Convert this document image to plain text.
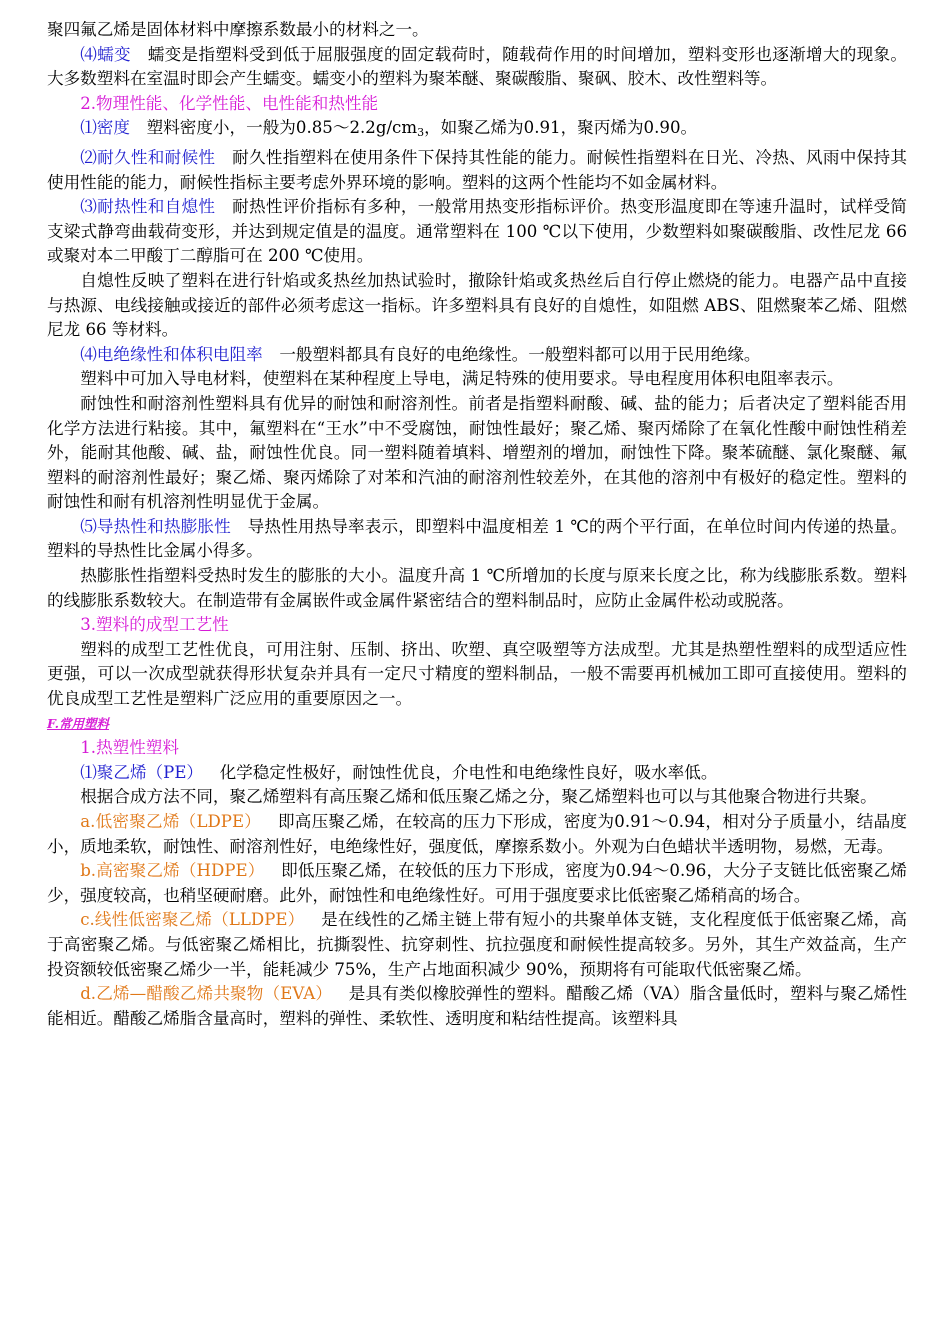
聚四氟乙烯是固体材料中摩擦系数最小的材料之一。

⑷蠕变 蠕变是指塑料受到低于屈服强度的固定载荷时，随载荷作用的时间增加，塑料变形也逐渐增大的现象。大多数塑料在室温时即会产生蠕变。蠕变小的塑料为聚苯醚、聚碳酸脂、聚砜、胶木、改性塑料等。

2.物理性能、化学性能、电性能和热性能

⑴密度 塑料密度小，一般为0.85～2.2g/cm3，如聚乙烯为0.91，聚丙烯为0.90。

⑵耐久性和耐候性 耐久性指塑料在使用条件下保持其性能的能力。耐候性指塑料在日光、冷热、风雨中保持其使用性能的能力，耐候性指标主要考虑外界环境的影响。塑料的这两个性能均不如金属材料。

⑶耐热性和自熄性 耐热性评价指标有多种，一般常用热变形指标评价。热变形温度即在等速升温时，试样受简支梁式静弯曲载荷变形，并达到规定值是的温度。通常塑料在 100 ℃以下使用，少数塑料如聚碳酸脂、改性尼龙 66 或聚对本二甲酸丁二醇脂可在 200 ℃使用。

自熄性反映了塑料在进行针焰或炙热丝加热试验时，撤除针焰或炙热丝后自行停止燃烧的能力。电器产品中直接与热源、电线接触或接近的部件必须考虑这一指标。许多塑料具有良好的自熄性，如阻燃 ABS、阻燃聚苯乙烯、阻燃尼龙 66 等材料。

⑷电绝缘性和体积电阻率 一般塑料都具有良好的电绝缘性。一般塑料都可以用于民用绝缘。

塑料中可加入导电材料，使塑料在某种程度上导电，满足特殊的使用要求。导电程度用体积电阻率表示。

耐蚀性和耐溶剂性塑料具有优异的耐蚀和耐溶剂性。前者是指塑料耐酸、碱、盐的能力；后者决定了塑料能否用化学方法进行粘接。其中，氟塑料在“王水”中不受腐蚀，耐蚀性最好；聚乙烯、聚丙烯除了在氧化性酸中耐蚀性稍差外，能耐其他酸、碱、盐，耐蚀性优良。同一塑料随着填料、增塑剂的增加，耐蚀性下降。聚苯硫醚、氯化聚醚、氟塑料的耐溶剂性最好；聚乙烯、聚丙烯除了对苯和汽油的耐溶剂性较差外，在其他的溶剂中有极好的稳定性。塑料的耐蚀性和耐有机溶剂性明显优于金属。

⑸导热性和热膨胀性 导热性用热导率表示，即塑料中温度相差 1 ℃的两个平行面，在单位时间内传递的热量。塑料的导热性比金属小得多。

热膨胀性指塑料受热时发生的膨胀的大小。温度升高 1 ℃所增加的长度与原来长度之比，称为线膨胀系数。塑料的线膨胀系数较大。在制造带有金属嵌件或金属件紧密结合的塑料制品时，应防止金属件松动或脱落。

3.塑料的成型工艺性

塑料的成型工艺性优良，可用注射、压制、挤出、吹塑、真空吸塑等方法成型。尤其是热塑性塑料的成型适应性更强，可以一次成型就获得形状复杂并具有一定尺寸精度的塑料制品，一般不需要再机械加工即可直接使用。塑料的优良成型工艺性是塑料广泛应用的重要原因之一。

F.常用塑料

1.热塑性塑料

⑴聚乙烯（PE） 化学稳定性极好，耐蚀性优良，介电性和电绝缘性良好，吸水率低。

根据合成方法不同，聚乙烯塑料有高压聚乙烯和低压聚乙烯之分，聚乙烯塑料也可以与其他聚合物进行共聚。

a.低密聚乙烯（LDPE） 即高压聚乙烯，在较高的压力下形成，密度为0.91～0.94，相对分子质量小，结晶度小，质地柔软，耐蚀性、耐溶剂性好，电绝缘性好，强度低，摩擦系数小。外观为白色蜡状半透明物，易燃，无毒。

b.高密聚乙烯（HDPE） 即低压聚乙烯，在较低的压力下形成，密度为0.94～0.96，大分子支链比低密聚乙烯少，强度较高，也稍坚硬耐磨。此外，耐蚀性和电绝缘性好。可用于强度要求比低密聚乙烯稍高的场合。

c.线性低密聚乙烯（LLDPE） 是在线性的乙烯主链上带有短小的共聚单体支链，支化程度低于低密聚乙烯，高于高密聚乙烯。与低密聚乙烯相比，抗撕裂性、抗穿刺性、抗拉强度和耐候性提高较多。另外，其生产效益高，生产投资额较低密聚乙烯少一半，能耗减少 75%，生产占地面积减少 90%，预期将有可能取代低密聚乙烯。

d.乙烯—醋酸乙烯共聚物（EVA） 是具有类似橡胶弹性的塑料。醋酸乙烯（VA）脂含量低时，塑料与聚乙烯性能相近。醋酸乙烯脂含量高时，塑料的弹性、柔软性、透明度和粘结性提高。该塑料具
